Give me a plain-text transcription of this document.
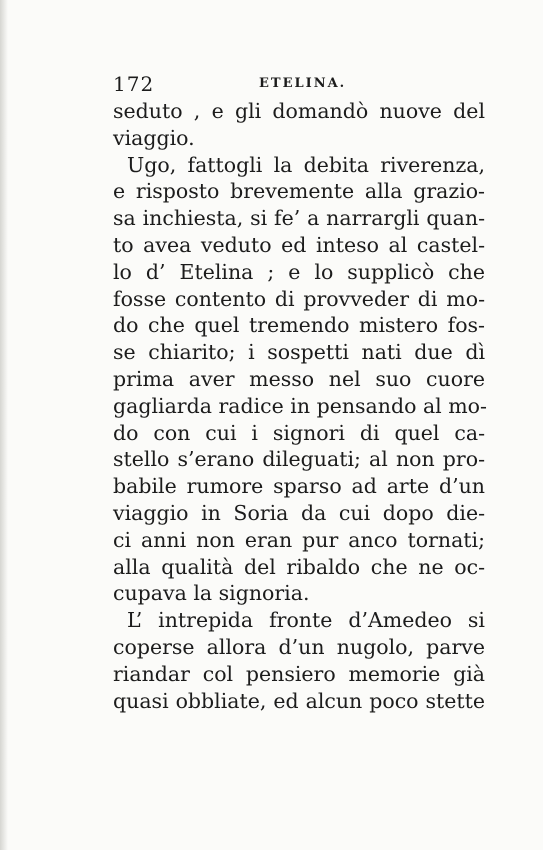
172	ETELINA.
seduto , e gli domandò nuove del
viaggio.
Ugo, fattogli la debita riverenza,
e risposto brevemente alla grazio-
sa inchiesta, si fe’ a narrargli quan-
to avea veduto ed inteso al castel-
lo d’ Etelina ; e lo supplicò che
fosse contento di provveder di mo-
do che quel tremendo mistero fos-
se chiarito; i sospetti nati due dì
prima aver messo nel suo cuore
gagliarda radice in pensando al mo-
do con cui i signori di quel ca-
stello s’erano dileguati; al non pro-
babile rumore sparso ad arte d’un
viaggio in Soria da cui dopo die-
ci anni non eran pur anco tornati;
alla qualità del ribaldo che ne oc-
cupava la signoria.
L’ intrepida fronte d’Amedeo si
coperse allora d’un nugolo, parve
riandar col pensiero memorie già
quasi obbliate, ed alcun poco stette
